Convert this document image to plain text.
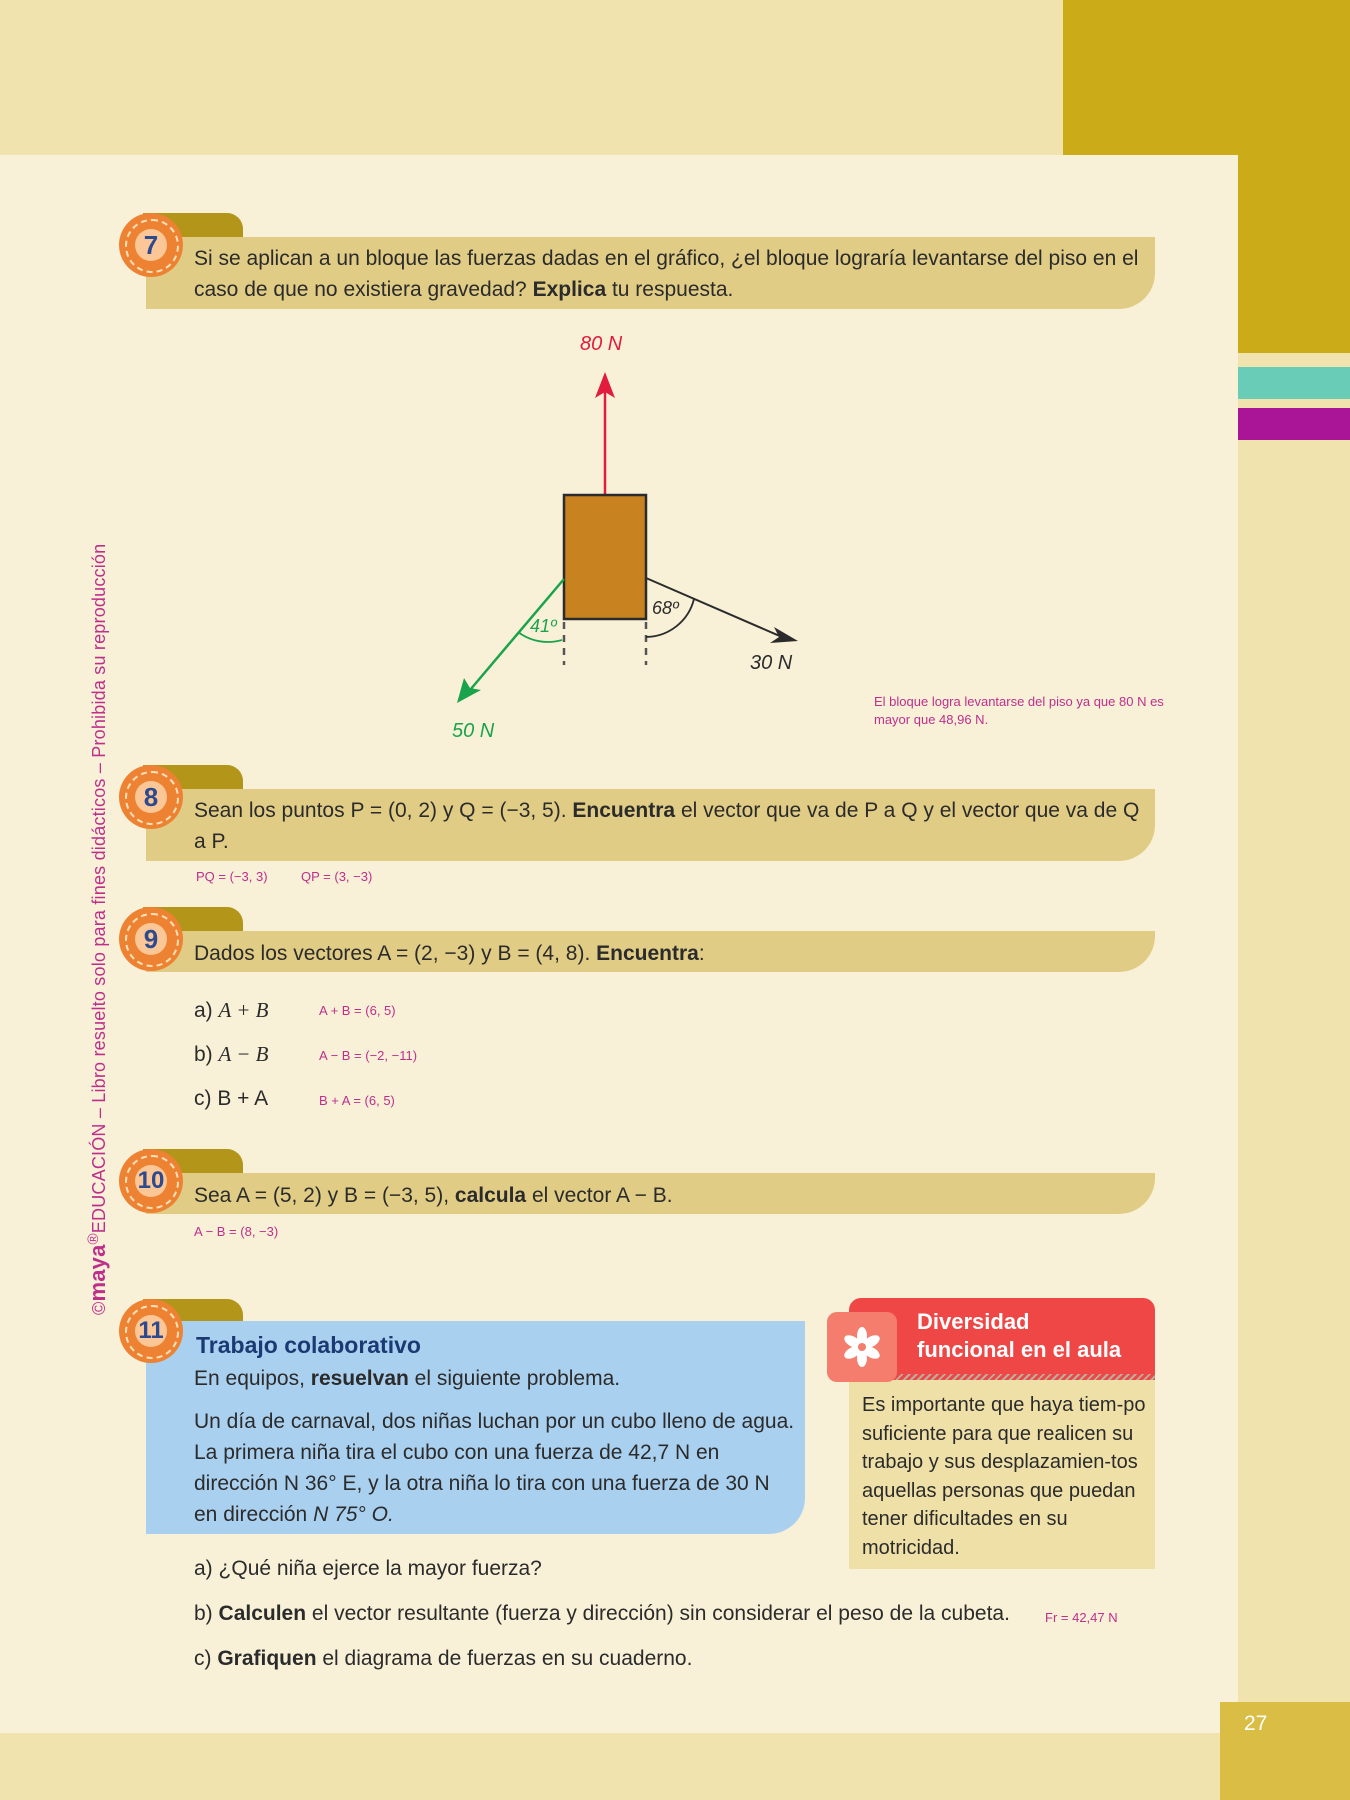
27
©maya®EDUCACIÓN – Libro resuelto solo para fines didácticos – Prohibida su reproducción
7	Si se aplican a un bloque las fuerzas dadas en el gráfico, ¿el bloque lograría levantarse del piso en el caso de que no existiera gravedad? Explica tu respuesta.
80 N
30 N
50 N
68º
41º
El bloque logra levantarse del piso ya que 80 N es mayor que 48,96 N.
8	Sean los puntos P = (0, 2) y Q = (−3, 5). Encuentra el vector que va de P a Q y el vector que va de Q a P.
PQ = (−3, 3)	QP = (3, −3)
9	Dados los vectores A = (2, −3) y B = (4, 8). Encuentra:
a) A + B	A + B = (6, 5)
b) A − B	A − B = (−2, −11)
c) B + A	B + A = (6, 5)
10
Sea A = (5, 2) y B = (−3, 5), calcula el vector A − B.
A − B = (8, −3)
11
Trabajo colaborativo
En equipos, resuelvan el siguiente problema.
Un día de carnaval, dos niñas luchan por un cubo lleno de agua. La primera niña tira el cubo con una fuerza de 42,7 N en dirección N 36° E, y la otra niña lo tira con una fuerza de 30 N en dirección N 75° O.
a) ¿Qué niña ejerce la mayor fuerza?
b) Calculen el vector resultante (fuerza y dirección) sin considerar el peso de la cubeta.	Fr = 42,47 N
c) Grafiquen el diagrama de fuerzas en su cuaderno.
Diversidad
funcional en el aula
Es importante que haya tiem-po suficiente para que realicen su trabajo y sus desplazamien-tos aquellas personas que puedan tener dificultades en su motricidad.
